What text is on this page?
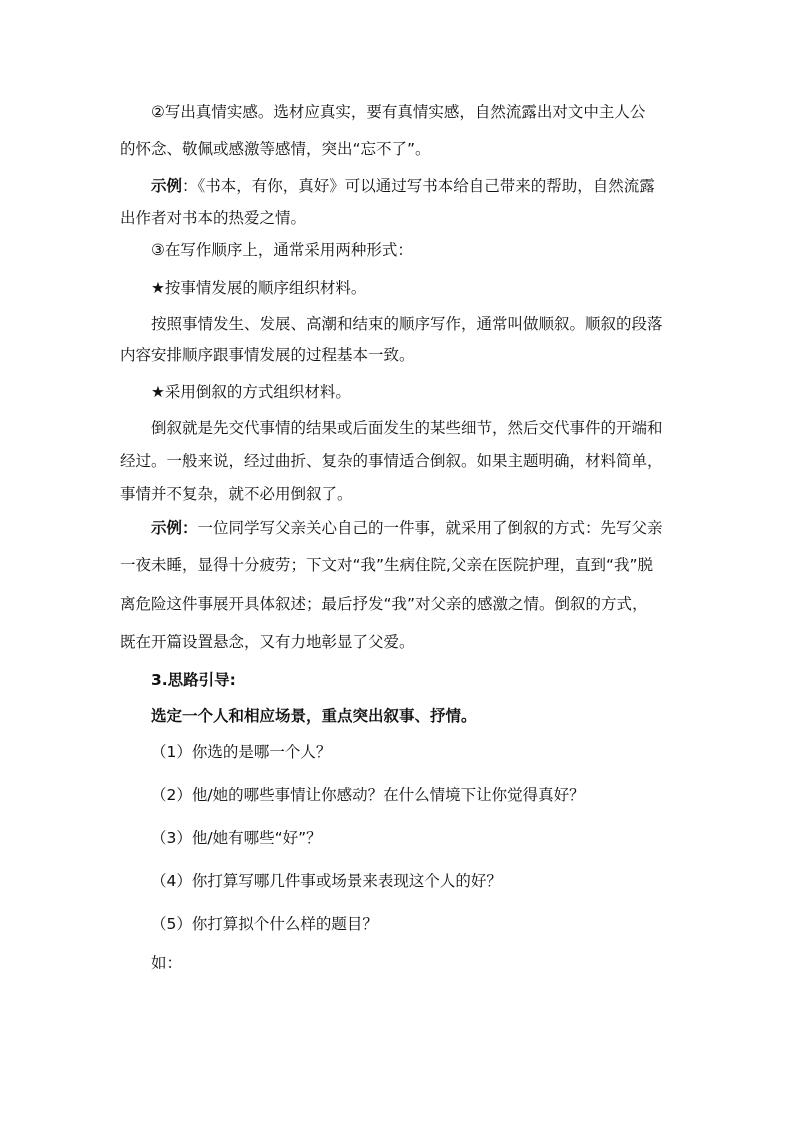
②写出真情实感。选材应真实，要有真情实感，自然流露出对文中主人公
的怀念、敬佩或感激等感情，突出“忘不了”。
示例：《书本，有你，真好》可以通过写书本给自己带来的帮助，自然流露
出作者对书本的热爱之情。
③在写作顺序上，通常采用两种形式：
★按事情发展的顺序组织材料。
按照事情发生、发展、高潮和结束的顺序写作，通常叫做顺叙。顺叙的段落
内容安排顺序跟事情发展的过程基本一致。
★采用倒叙的方式组织材料。
倒叙就是先交代事情的结果或后面发生的某些细节，然后交代事件的开端和
经过。一般来说，经过曲折、复杂的事情适合倒叙。如果主题明确，材料简单，
事情并不复杂，就不必用倒叙了。
示例：一位同学写父亲关心自己的一件事，就采用了倒叙的方式：先写父亲
一夜未睡，显得十分疲劳；下文对“我”生病住院,父亲在医院护理，直到“我”脱
离危险这件事展开具体叙述；最后抒发“我”对父亲的感激之情。倒叙的方式，
既在开篇设置悬念，又有力地彰显了父爱。
3.思路引导:
选定一个人和相应场景，重点突出叙事、抒情。
（1）你选的是哪一个人？
（2）他/她的哪些事情让你感动？在什么情境下让你觉得真好？
（3）他/她有哪些“好”？
（4）你打算写哪几件事或场景来表现这个人的好？
（5）你打算拟个什么样的题目？
如：
